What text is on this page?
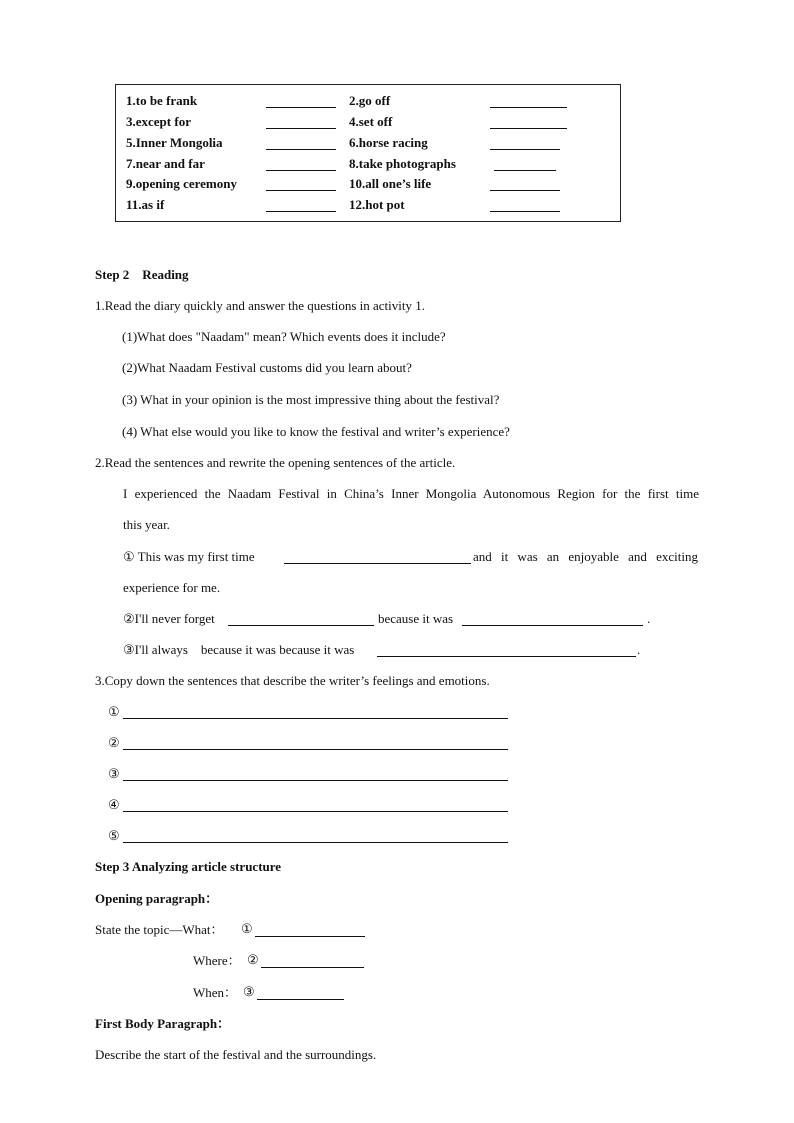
1.to be frank	2.go off
3.except for	4.set off
5.Inner Mongolia	6.horse racing
7.near and far	8.take photographs
9.opening ceremony	10.all one’s life
11.as if	12.hot pot
Step 2    Reading
1.Read the diary quickly and answer the questions in activity 1.
(1)What does "Naadam" mean? Which events does it include?
(2)What Naadam Festival customs did you learn about?
(3) What in your opinion is the most impressive thing about the festival?
(4) What else would you like to know the festival and writer’s experience?
2.Read the sentences and rewrite the opening sentences of the article.
I experienced the Naadam Festival in China’s Inner Mongolia Autonomous Region for the first time
this year.
① This was my first time	and it was an enjoyable and exciting
experience for me.
②I'll never forget	because it was	.
③I'll always    because it was because it was	.
3.Copy down the sentences that describe the writer’s feelings and emotions.
①
②
③
④
⑤
Step 3 Analyzing article structure
Opening paragraph：
State the topic—What： ①
Where： ②
When： ③
First Body Paragraph：
Describe the start of the festival and the surroundings.
